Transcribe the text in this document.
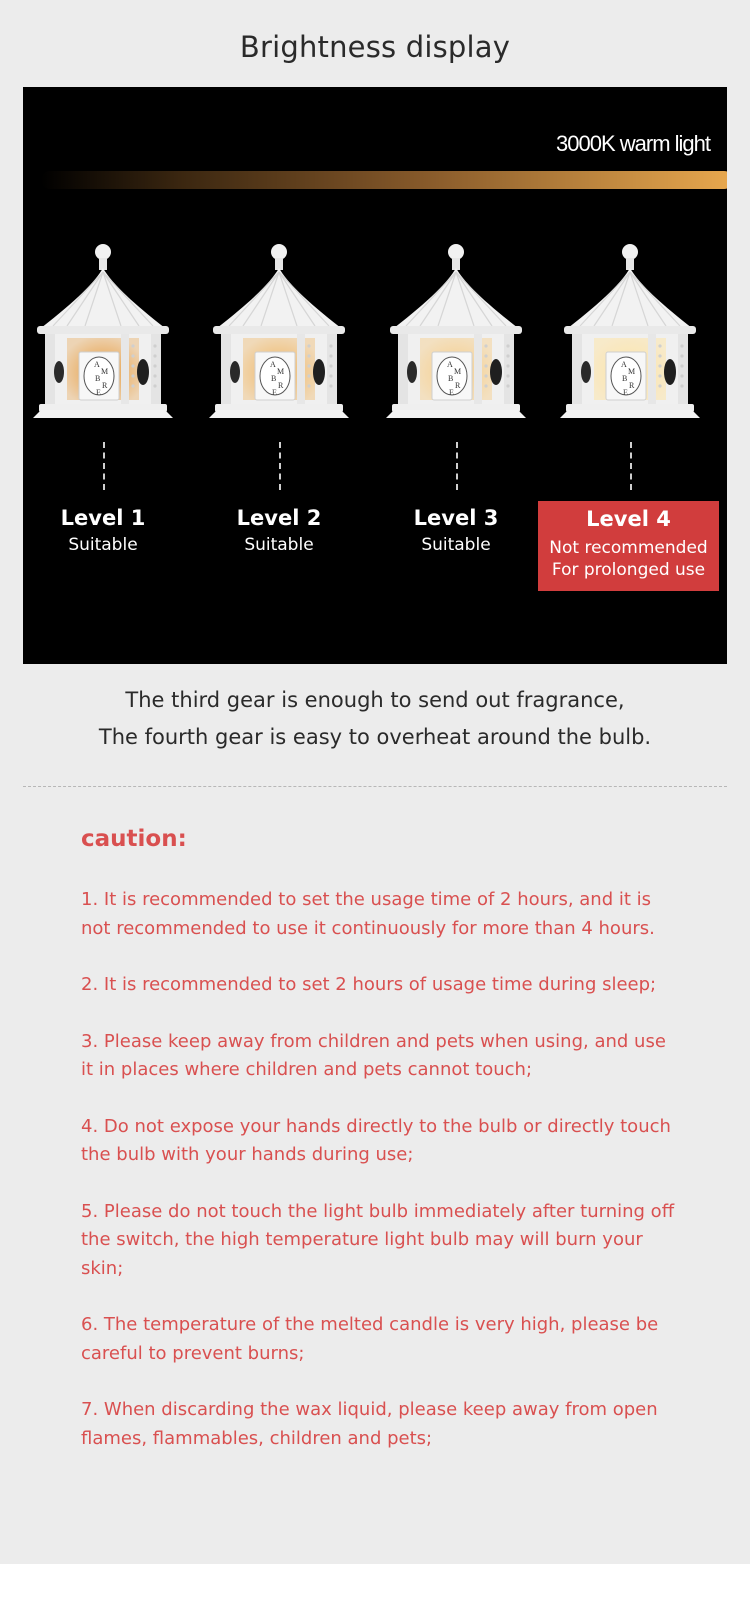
Brightness display
3000K warm light
A
M
B
R
E
Level 1
Suitable
A
M
B
R
E
Level 2
Suitable
A
M
B
R
E
Level 3
Suitable
A
M
B
R
E
Level 4
Not recommended
For prolonged use
The third gear is enough to send out fragrance,
The fourth gear is easy to overheat around the bulb.
caution:

1. It is recommended to set the usage time of 2 hours, and it is not recommended to use it continuously for more than 4 hours.

2. It is recommended to set 2 hours of usage time during sleep;

3. Please keep away from children and pets when using, and use it in places where children and pets cannot touch;

4. Do not expose your hands directly to the bulb or directly touch the bulb with your hands during use;

5. Please do not touch the light bulb immediately after turning off the switch, the high temperature light bulb may will burn your skin;

6. The temperature of the melted candle is very high, please be careful to prevent burns;

7. When discarding the wax liquid, please keep away from open flames, flammables, children and pets;
